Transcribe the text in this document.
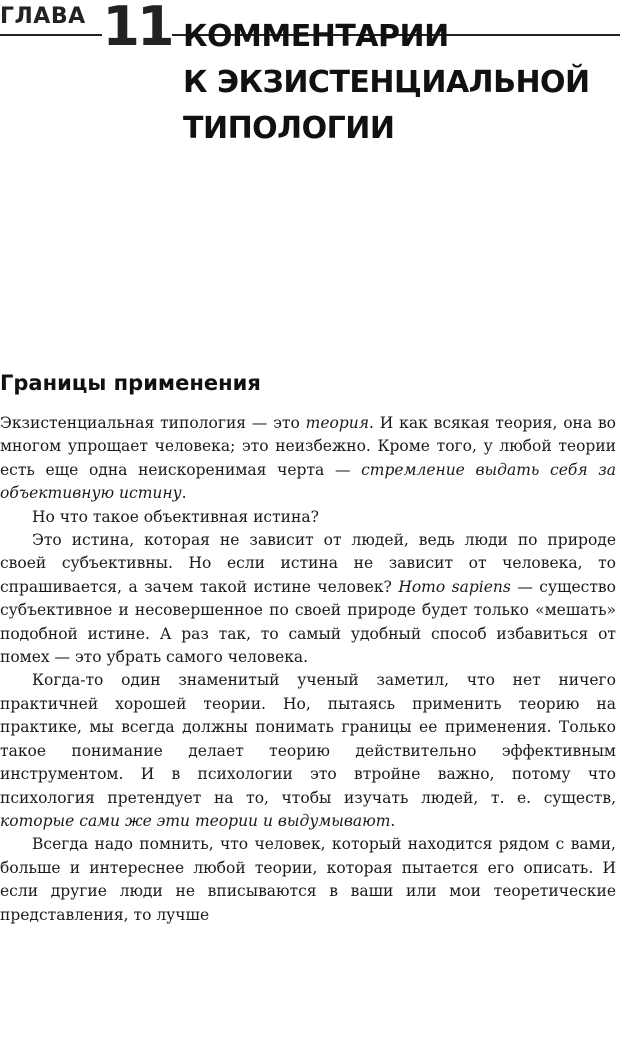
ГЛАВА 11 КОММЕНТАРИИ
К ЭКЗИСТЕНЦИАЛЬНОЙ
ТИПОЛОГИИ
Границы применения

Экзистенциальная типология — это теория. И как всякая теория, она во многом упрощает человека; это неизбежно. Кроме того, у любой теории есть еще одна неискоренимая черта — стремление выдать себя за объективную истину.

Но что такое объективная истина?

Это истина, которая не зависит от людей, ведь люди по природе своей субъективны. Но если истина не зависит от человека, то спрашивается, а зачем такой истине человек? Homo sapiens — существо субъективное и несовершенное по своей природе будет только «мешать» подобной истине. А раз так, то самый удобный способ избавиться от помех — это убрать самого человека.

Когда-то один знаменитый ученый заметил, что нет ничего практичней хорошей теории. Но, пытаясь применить теорию на практике, мы всегда должны понимать границы ее применения. Только такое понимание делает теорию действительно эффективным инструментом. И в психологии это втройне важно, потому что психология претендует на то, чтобы изучать людей, т. е. существ, которые сами же эти теории и выдумывают.

Всегда надо помнить, что человек, который находится рядом с вами, больше и интереснее любой теории, которая пытается его описать. И если другие люди не вписываются в ваши или мои теоретические представления, то лучше
